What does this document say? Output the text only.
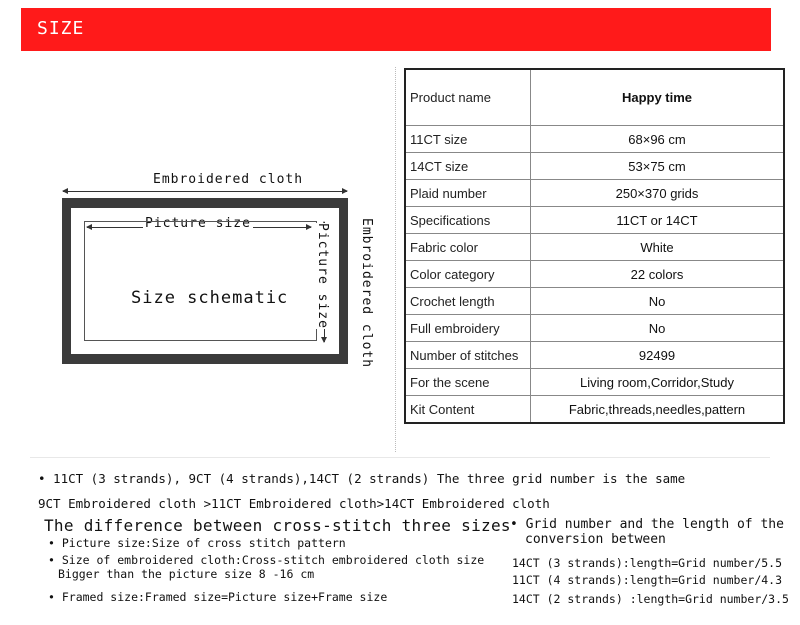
SIZE
Embroidered cloth
Picture size
Size schematic Picture size Embroidered cloth
Product name	Happy time
11CT size	68×96 cm
14CT size	53×75 cm
Plaid number	250×370 grids
Specifications	11CT or 14CT
Fabric color	White
Color category	22 colors
Crochet length	No
Full embroidery	No
Number of stitches	92499
For the scene	Living room,Corridor,Study
Kit Content	Fabric,threads,needles,pattern
• 11CT (3 strands), 9CT (4 strands),14CT (2 strands) The three grid number is the same
9CT Embroidered cloth >11CT Embroidered cloth>14CT Embroidered cloth
The difference between cross-stitch three sizes
• Picture size:Size of cross stitch pattern
• Size of embroidered cloth:Cross-stitch embroidered cloth size
Bigger than the picture size 8 -16 cm
• Framed size:Framed size=Picture size+Frame size
• Grid number and the length of the
conversion between
14CT (3 strands):length=Grid number/5.5
11CT (4 strands):length=Grid number/4.3
14CT (2 strands) :length=Grid number/3.5
